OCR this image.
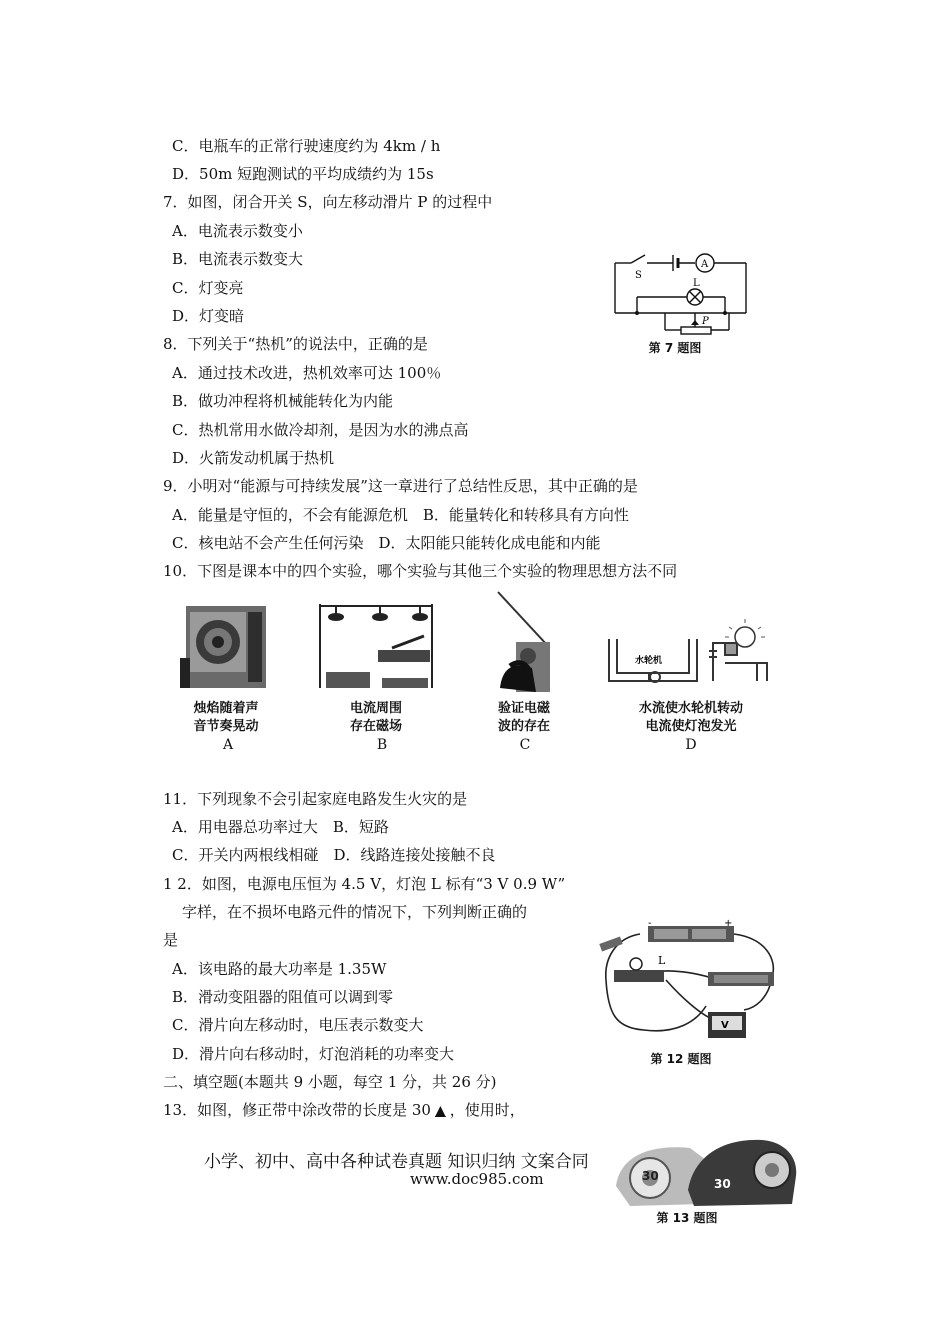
C．电瓶车的正常行驶速度约为 4km / h
D．50m 短跑测试的平均成绩约为 15s
7．如图，闭合开关 S，向左移动滑片 P 的过程中
A．电流表示数变小
B．电流表示数变大
C．灯变亮
D．灯变暗
8．下列关于“热机”的说法中，正确的是
A．通过技术改进，热机效率可达 100％
B．做功冲程将机械能转化为内能
C．热机常用水做冷却剂，是因为水的沸点高
D．火箭发动机属于热机
9．小明对“能源与可持续发展”这一章进行了总结性反思，其中正确的是
A．能量是守恒的，不会有能源危机　B．能量转化和转移具有方向性
C．核电站不会产生任何污染　D．太阳能只能转化成电能和内能
10．下图是课本中的四个实验，哪个实验与其他三个实验的物理思想方法不同
11．下列现象不会引起家庭电路发生火灾的是
A．用电器总功率过大　B．短路
C．开关内两根线相碰　D．线路连接处接触不良
1 2．如图，电源电压恒为 4.5 V，灯泡 L 标有“3 V 0.9 W”
字样，在不损坏电路元件的情况下，下列判断正确的
是
A．该电路的最大功率是 1.35W
B．滑动变阻器的阻值可以调到零
C．滑片向左移动时，电压表示数变大
D．滑片向右移动时，灯泡消耗的功率变大
二、填空题(本题共 9 小题，每空 1 分，共 26 分)
13．如图，修正带中涂改带的长度是 30 ▲ ，使用时，
S
A
L
P
第 7 题图
烛焰随着声
音节奏晃动
A
电流周围
存在磁场
B
验证电磁
波的存在
C
水轮机
水流使水轮机转动
电流使灯泡发光
D
L
V
+
-
第 12 题图
小学、初中、高中各种试卷真题 知识归纳 文案合同
www.doc985.com	30
30
第 13 题图
